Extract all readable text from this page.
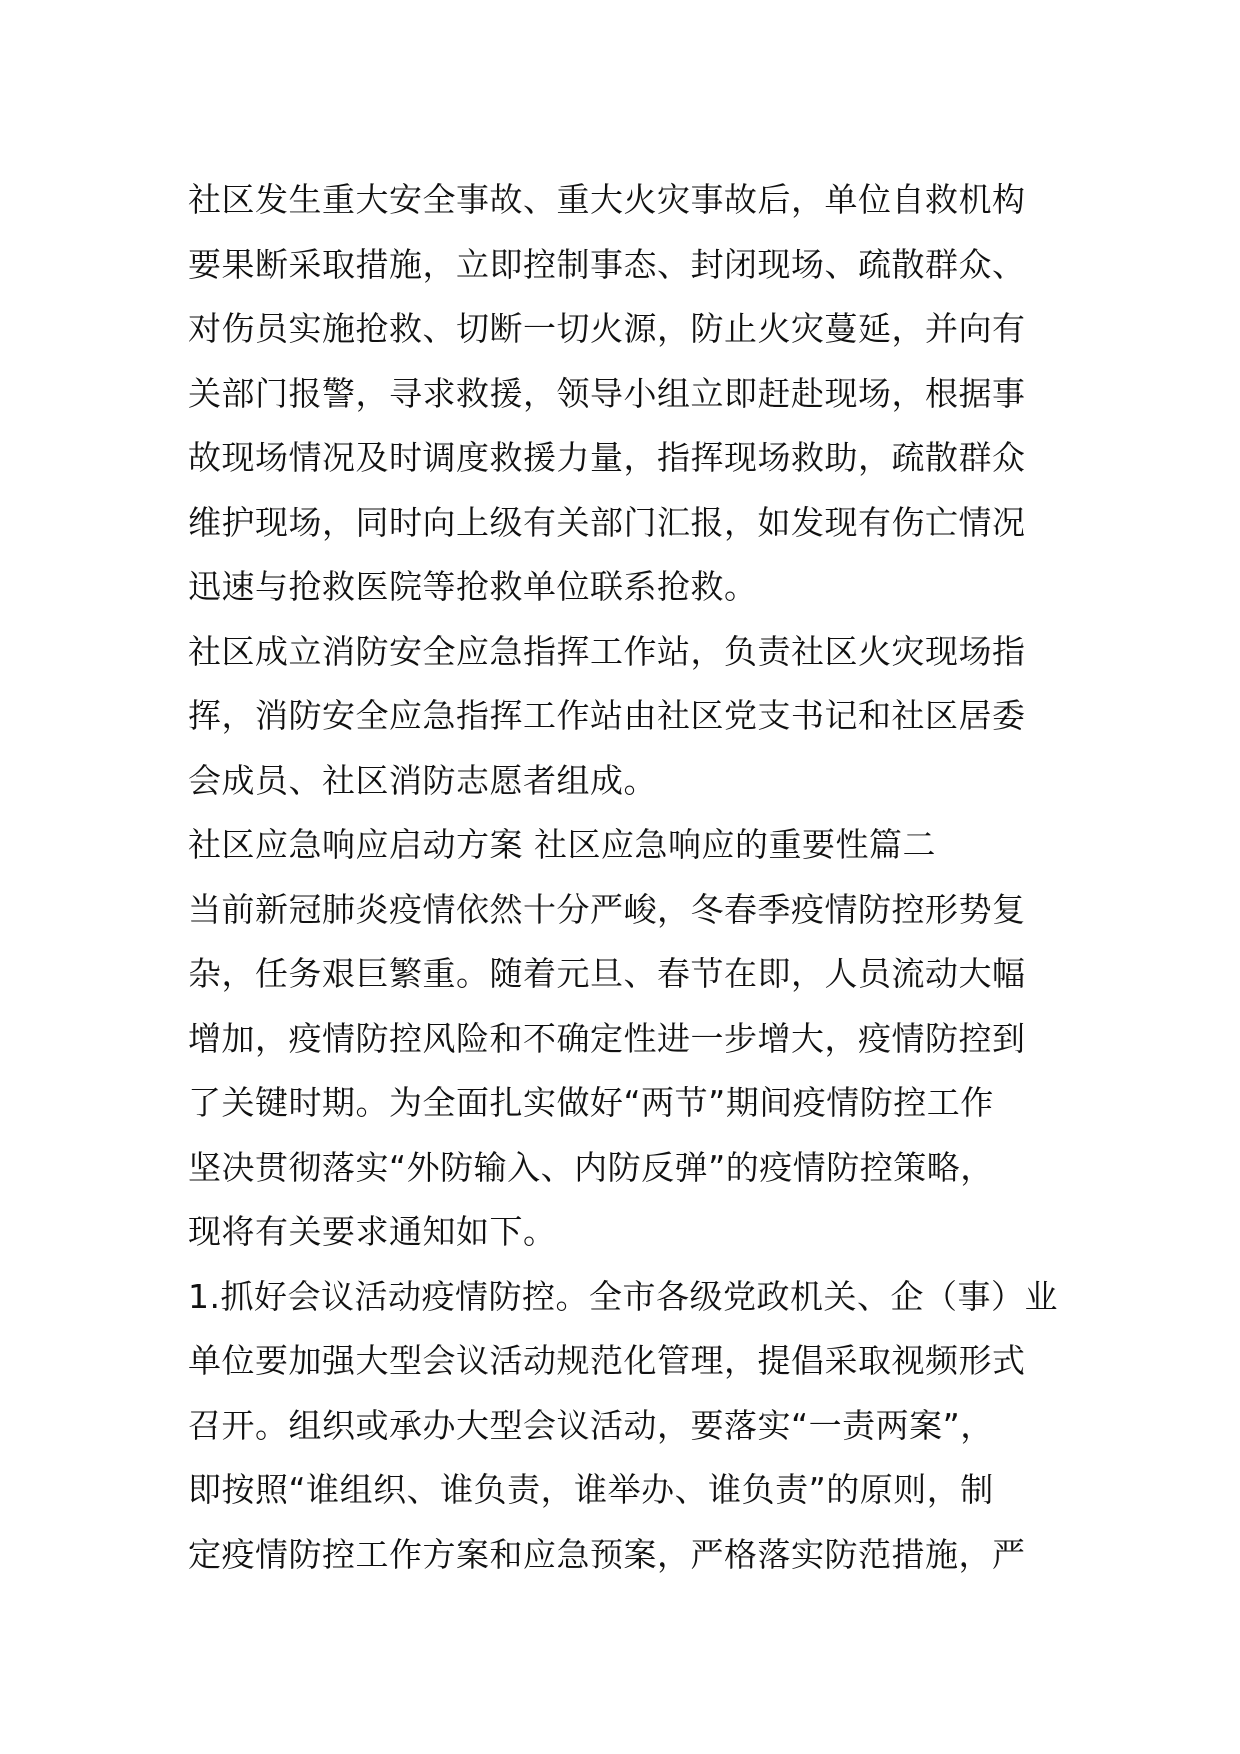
社区发生重大安全事故、重大火灾事故后，单位自救机构
要果断采取措施，立即控制事态、封闭现场、疏散群众、
对伤员实施抢救、切断一切火源，防止火灾蔓延，并向有
关部门报警，寻求救援，领导小组立即赶赴现场，根据事
故现场情况及时调度救援力量，指挥现场救助，疏散群众
维护现场，同时向上级有关部门汇报，如发现有伤亡情况
迅速与抢救医院等抢救单位联系抢救。
社区成立消防安全应急指挥工作站，负责社区火灾现场指
挥，消防安全应急指挥工作站由社区党支书记和社区居委
会成员、社区消防志愿者组成。
社区应急响应启动方案 社区应急响应的重要性篇二
当前新冠肺炎疫情依然十分严峻，冬春季疫情防控形势复
杂，任务艰巨繁重。随着元旦、春节在即，人员流动大幅
增加，疫情防控风险和不确定性进一步增大，疫情防控到
了关键时期。为全面扎实做好“两节”期间疫情防控工作
坚决贯彻落实“外防输入、内防反弹”的疫情防控策略，
现将有关要求通知如下。
1.抓好会议活动疫情防控。全市各级党政机关、企（事）业
单位要加强大型会议活动规范化管理，提倡采取视频形式
召开。组织或承办大型会议活动，要落实“一责两案”，
即按照“谁组织、谁负责，谁举办、谁负责”的原则，制
定疫情防控工作方案和应急预案，严格落实防范措施，严
